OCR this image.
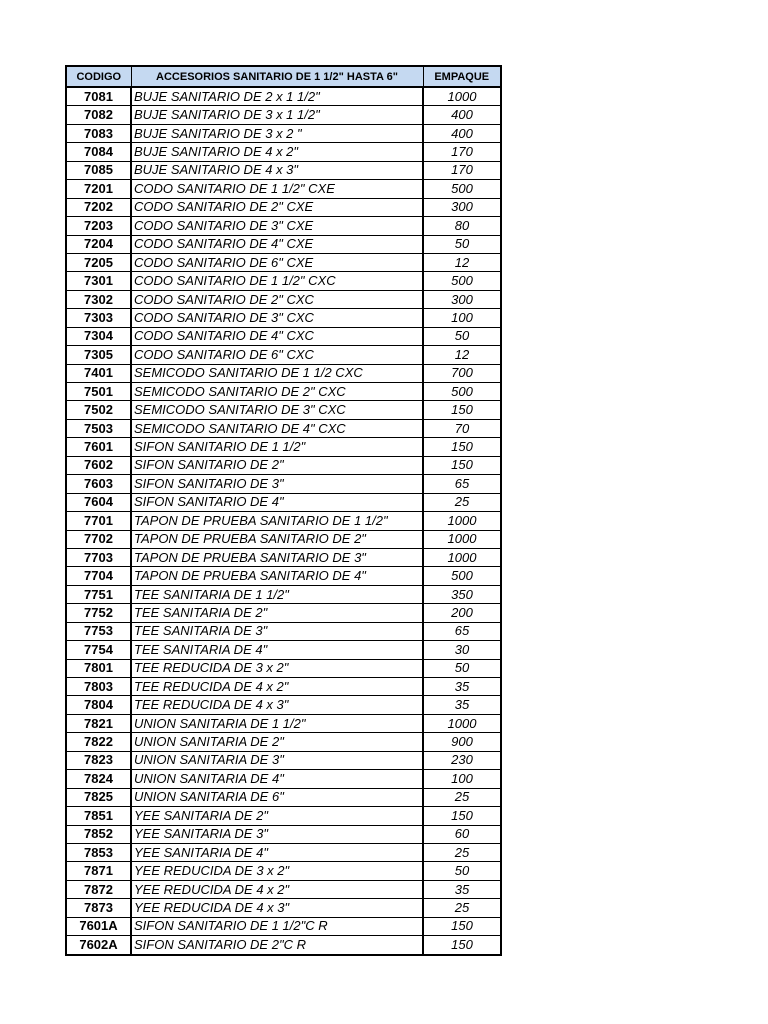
CODIGO	ACCESORIOS SANITARIO DE 1 1/2" HASTA 6"	EMPAQUE
7081	BUJE SANITARIO DE 2 x 1 1/2"	1000
7082	BUJE SANITARIO DE 3 x 1 1/2"	400
7083	BUJE SANITARIO DE 3 x 2 "	400
7084	BUJE SANITARIO DE 4 x 2"	170
7085	BUJE SANITARIO DE 4 x 3"	170
7201	CODO SANITARIO DE 1 1/2" CXE	500
7202	CODO SANITARIO DE 2" CXE	300
7203	CODO SANITARIO DE 3" CXE	80
7204	CODO SANITARIO DE 4" CXE	50
7205	CODO SANITARIO DE 6" CXE	12
7301	CODO SANITARIO DE 1 1/2" CXC	500
7302	CODO SANITARIO DE 2" CXC	300
7303	CODO SANITARIO DE 3" CXC	100
7304	CODO SANITARIO DE 4" CXC	50
7305	CODO SANITARIO DE 6" CXC	12
7401	SEMICODO SANITARIO DE 1 1/2 CXC	700
7501	SEMICODO SANITARIO DE 2" CXC	500
7502	SEMICODO SANITARIO DE 3" CXC	150
7503	SEMICODO SANITARIO DE 4" CXC	70
7601	SIFON SANITARIO DE 1 1/2"	150
7602	SIFON SANITARIO DE 2"	150
7603	SIFON SANITARIO DE 3"	65
7604	SIFON SANITARIO DE 4"	25
7701	TAPON DE PRUEBA SANITARIO DE 1 1/2"	1000
7702	TAPON DE PRUEBA SANITARIO DE 2"	1000
7703	TAPON DE PRUEBA SANITARIO DE 3"	1000
7704	TAPON DE PRUEBA SANITARIO DE 4"	500
7751	TEE SANITARIA DE 1 1/2"	350
7752	TEE SANITARIA DE 2"	200
7753	TEE SANITARIA DE 3"	65
7754	TEE SANITARIA DE 4"	30
7801	TEE REDUCIDA DE 3 x 2"	50
7803	TEE REDUCIDA DE 4 x 2"	35
7804	TEE REDUCIDA DE 4 x 3"	35
7821	UNION SANITARIA DE 1 1/2"	1000
7822	UNION SANITARIA DE 2"	900
7823	UNION SANITARIA DE 3"	230
7824	UNION SANITARIA DE 4"	100
7825	UNION SANITARIA DE 6"	25
7851	YEE SANITARIA DE 2"	150
7852	YEE SANITARIA DE 3"	60
7853	YEE SANITARIA DE 4"	25
7871	YEE REDUCIDA DE 3 x 2"	50
7872	YEE REDUCIDA DE 4 x 2"	35
7873	YEE REDUCIDA DE 4 x 3"	25
7601A	SIFON SANITARIO DE 1 1/2"C R	150
7602A	SIFON SANITARIO DE 2"C R	150
